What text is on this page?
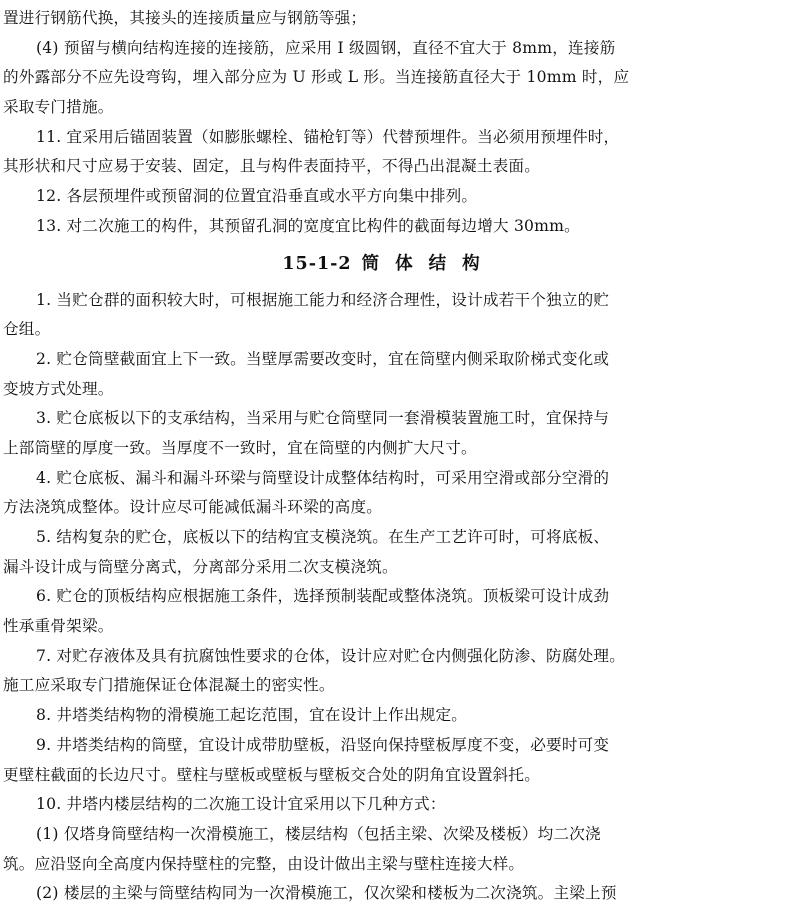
置进行钢筋代换，其接头的连接质量应与钢筋等强；
(4) 预留与横向结构连接的连接筋，应采用 I 级圆钢，直径不宜大于 8mm，连接筋
的外露部分不应先设弯钩，埋入部分应为 U 形或 L 形。当连接筋直径大于 10mm 时，应
采取专门措施。
11. 宜采用后锚固装置（如膨胀螺栓、锚枪钉等）代替预埋件。当必须用预埋件时，
其形状和尺寸应易于安装、固定，且与构件表面持平，不得凸出混凝土表面。
12. 各层预埋件或预留洞的位置宜沿垂直或水平方向集中排列。
13. 对二次施工的构件，其预留孔洞的宽度宜比构件的截面每边增大 30mm。
15-1-2 筒体结构
1. 当贮仓群的面积较大时，可根据施工能力和经济合理性，设计成若干个独立的贮
仓组。
2. 贮仓筒壁截面宜上下一致。当壁厚需要改变时，宜在筒壁内侧采取阶梯式变化或
变坡方式处理。
3. 贮仓底板以下的支承结构，当采用与贮仓筒壁同一套滑模装置施工时，宜保持与
上部筒壁的厚度一致。当厚度不一致时，宜在筒壁的内侧扩大尺寸。
4. 贮仓底板、漏斗和漏斗环梁与筒壁设计成整体结构时，可采用空滑或部分空滑的
方法浇筑成整体。设计应尽可能减低漏斗环梁的高度。
5. 结构复杂的贮仓，底板以下的结构宜支模浇筑。在生产工艺许可时，可将底板、
漏斗设计成与筒壁分离式，分离部分采用二次支模浇筑。
6. 贮仓的顶板结构应根据施工条件，选择预制装配或整体浇筑。顶板梁可设计成劲
性承重骨架梁。
7. 对贮存液体及具有抗腐蚀性要求的仓体，设计应对贮仓内侧强化防渗、防腐处理。
施工应采取专门措施保证仓体混凝土的密实性。
8. 井塔类结构物的滑模施工起讫范围，宜在设计上作出规定。
9. 井塔类结构的筒壁，宜设计成带肋壁板，沿竖向保持壁板厚度不变，必要时可变
更壁柱截面的长边尺寸。壁柱与壁板或壁板与壁板交合处的阴角宜设置斜托。
10. 井塔内楼层结构的二次施工设计宜采用以下几种方式：
(1) 仅塔身筒壁结构一次滑模施工，楼层结构（包括主梁、次梁及楼板）均二次浇
筑。应沿竖向全高度内保持壁柱的完整，由设计做出主梁与壁柱连接大样。
(2) 楼层的主梁与筒壁结构同为一次滑模施工，仅次梁和楼板为二次浇筑。主梁上预
